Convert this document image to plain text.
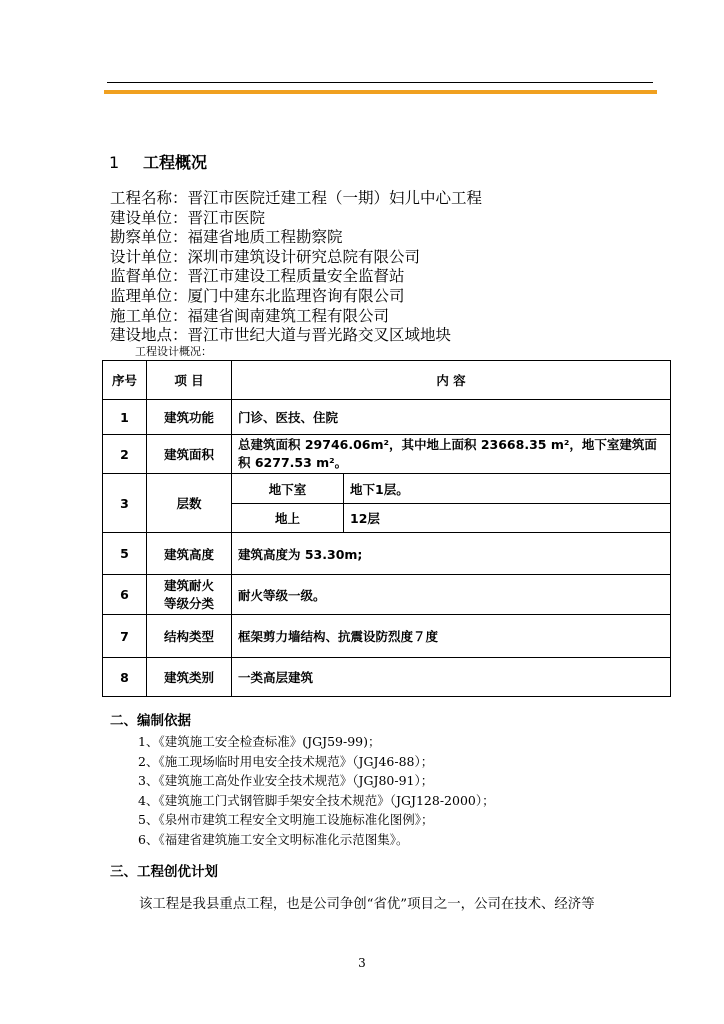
1 工程概况
工程名称：晋江市医院迁建工程（一期）妇儿中心工程
建设单位：晋江市医院
勘察单位：福建省地质工程勘察院
设计单位：深圳市建筑设计研究总院有限公司
监督单位：晋江市建设工程质量安全监督站
监理单位：厦门中建东北监理咨询有限公司
施工单位：福建省闽南建筑工程有限公司
建设地点：晋江市世纪大道与晋光路交叉区域地块
工程设计概况：
序号	项 目	内 容	
1	建筑功能	门诊、医技、住院	
2	建筑面积	总建筑面积 29746.06m²，其中地上面积 23668.35 m²，地下室建筑面积 6277.53 m²。	
3	层数	地下室	地下1层。
		地上	12层
5	建筑高度	建筑高度为 53.30m;	
6	建筑耐火
等级分类	耐火等级一级。	
7	结构类型	框架剪力墙结构、抗震设防烈度７度	
8	建筑类别	一类高层建筑	
二、编制依据
1、《建筑施工安全检查标准》(JGJ59-99)；
2、《施工现场临时用电安全技术规范》（JGJ46-88）；
3、《建筑施工高处作业安全技术规范》（JGJ80-91）；
4、《建筑施工门式钢管脚手架安全技术规范》（JGJ128-2000）；
5、《泉州市建筑工程安全文明施工设施标准化图例》；
6、《福建省建筑施工安全文明标准化示范图集》。
三、工程创优计划
该工程是我县重点工程，也是公司争创“省优”项目之一，公司在技术、经济等
3
